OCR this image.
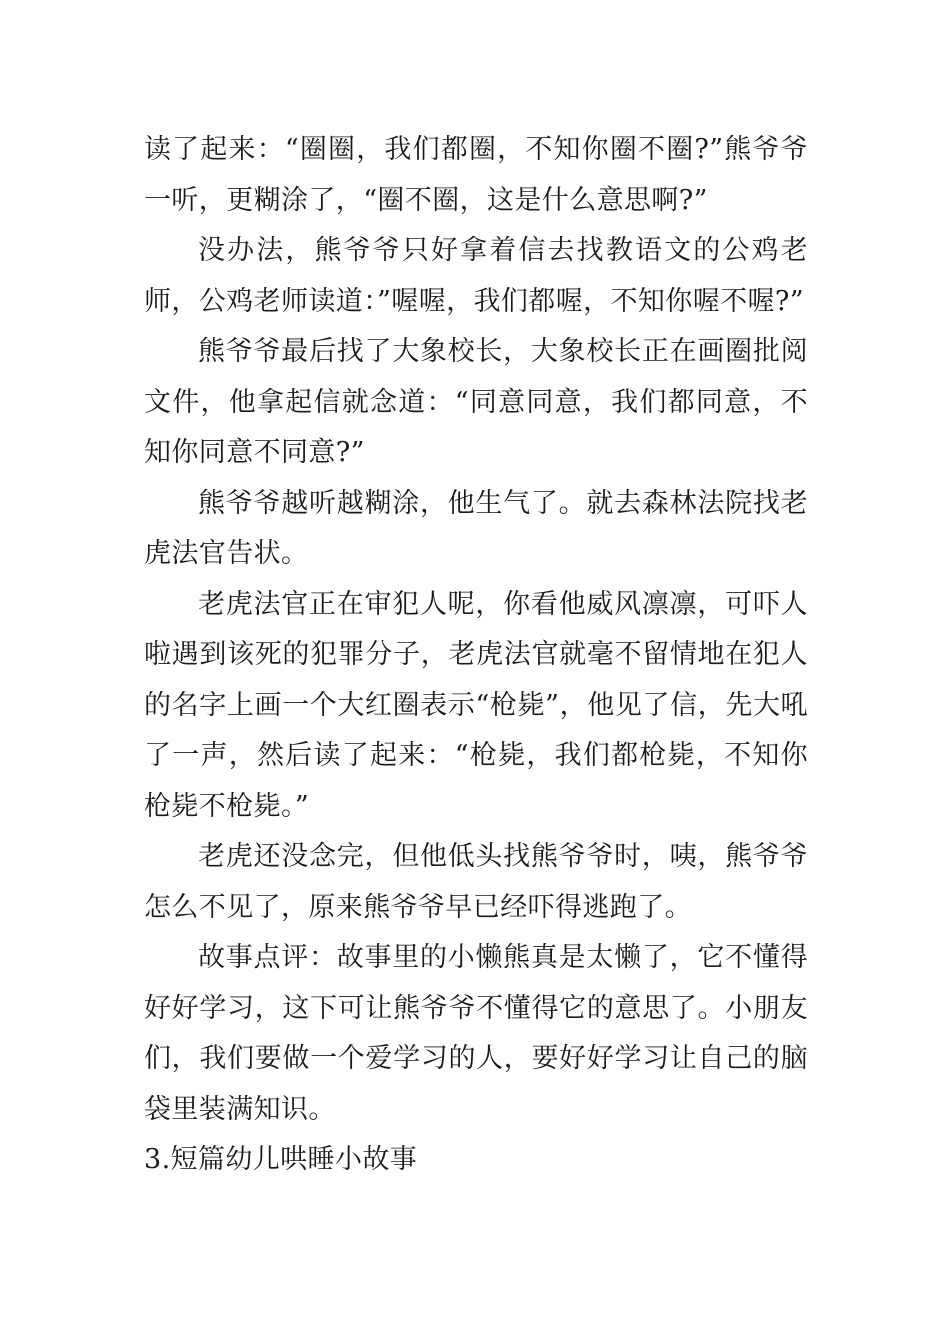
读了起来：“圈圈，我们都圈，不知你圈不圈?”熊爷爷一听，更糊涂了，“圈不圈，这是什么意思啊?”

没办法，熊爷爷只好拿着信去找教语文的公鸡老师，公鸡老师读道：”喔喔，我们都喔，不知你喔不喔?”

熊爷爷最后找了大象校长，大象校长正在画圈批阅文件，他拿起信就念道：“同意同意，我们都同意，不知你同意不同意?”

熊爷爷越听越糊涂，他生气了。就去森林法院找老虎法官告状。

老虎法官正在审犯人呢，你看他威风凛凛，可吓人啦遇到该死的犯罪分子，老虎法官就毫不留情地在犯人的名字上画一个大红圈表示“枪毙”，他见了信，先大吼了一声，然后读了起来：“枪毙，我们都枪毙，不知你枪毙不枪毙。”

老虎还没念完，但他低头找熊爷爷时，咦，熊爷爷怎么不见了，原来熊爷爷早已经吓得逃跑了。

故事点评：故事里的小懒熊真是太懒了，它不懂得好好学习，这下可让熊爷爷不懂得它的意思了。小朋友们，我们要做一个爱学习的人，要好好学习让自己的脑袋里装满知识。

3.短篇幼儿哄睡小故事
